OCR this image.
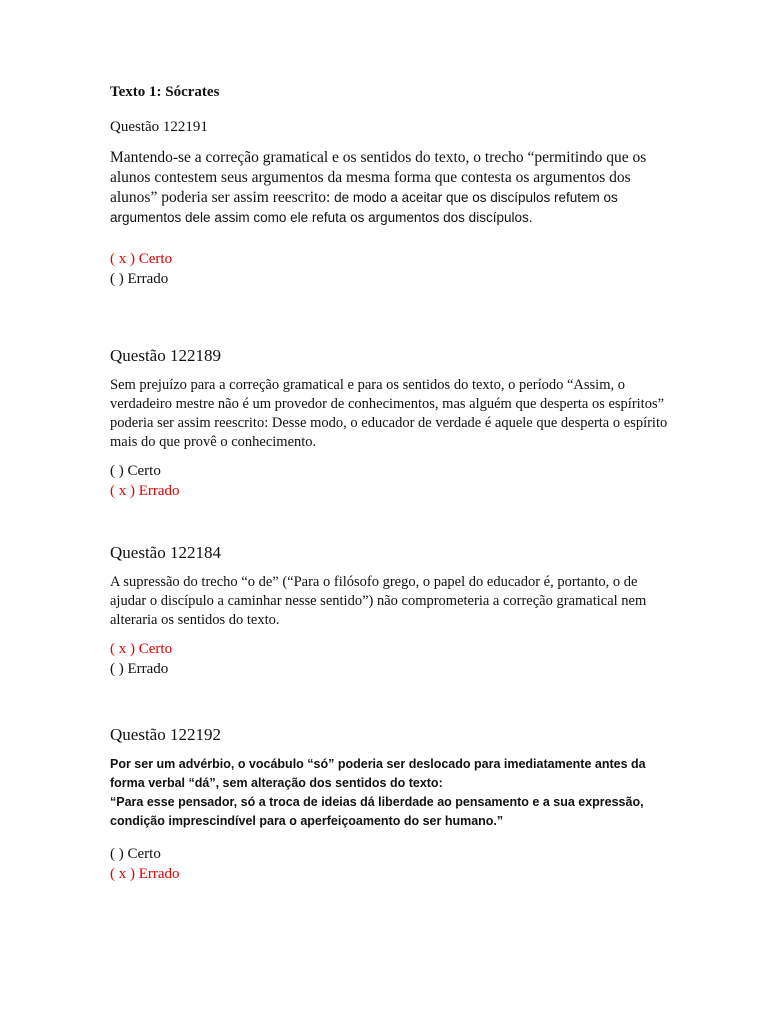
Texto 1: Sócrates
Questão 122191

Mantendo-se a correção gramatical e os sentidos do texto, o trecho “permitindo que os alunos contestem seus argumentos da mesma forma que contesta os argumentos dos alunos” poderia ser assim reescrito: de modo a aceitar que os discípulos refutem os argumentos dele assim como ele refuta os argumentos dos discípulos.

( x ) Certo
( ) Errado
Questão 122189

Sem prejuízo para a correção gramatical e para os sentidos do texto, o período “Assim, o verdadeiro mestre não é um provedor de conhecimentos, mas alguém que desperta os espíritos” poderia ser assim reescrito: Desse modo, o educador de verdade é aquele que desperta o espírito mais do que provê o conhecimento.

( ) Certo
( x ) Errado
Questão 122184

A supressão do trecho “o de” (“Para o filósofo grego, o papel do educador é, portanto, o de ajudar o discípulo a caminhar nesse sentido”) não comprometeria a correção gramatical nem alteraria os sentidos do texto.

( x ) Certo
( ) Errado
Questão 122192

Por ser um advérbio, o vocábulo “só” poderia ser deslocado para imediatamente antes da forma verbal “dá”, sem alteração dos sentidos do texto:

“Para esse pensador, só a troca de ideias dá liberdade ao pensamento e a sua expressão, condição imprescindível para o aperfeiçoamento do ser humano.”

( ) Certo
( x ) Errado
